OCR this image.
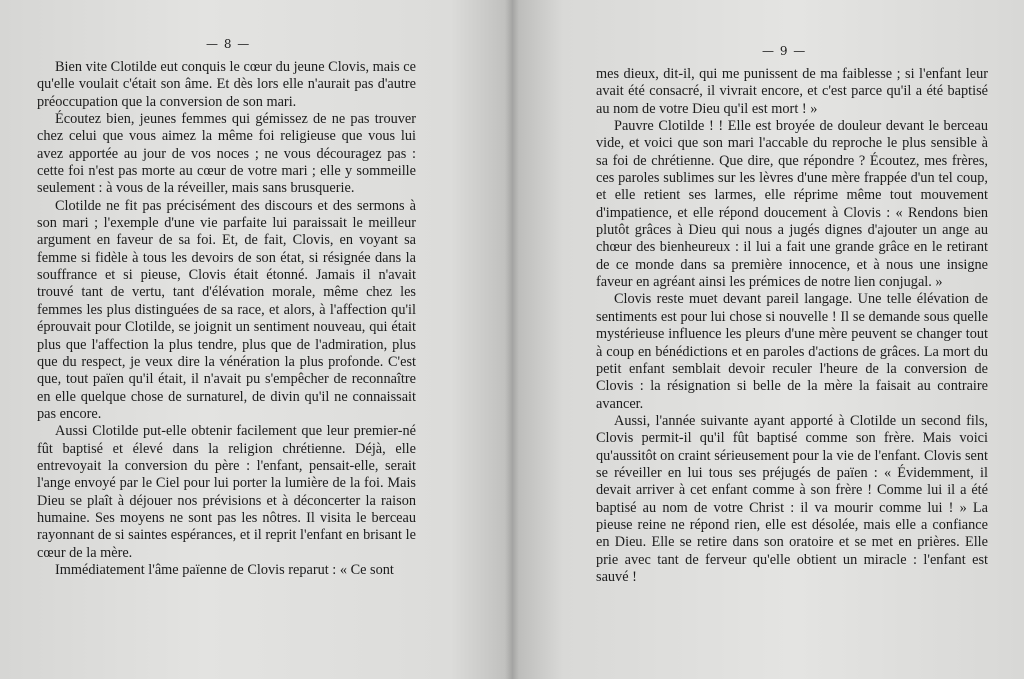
— 8 —

Bien vite Clotilde eut conquis le cœur du jeune Clovis, mais ce qu'elle voulait c'était son âme. Et dès lors elle n'aurait pas d'autre préoccupation que la conversion de son mari.

Écoutez bien, jeunes femmes qui gémissez de ne pas trouver chez celui que vous aimez la même foi religieuse que vous lui avez apportée au jour de vos noces ; ne vous découragez pas : cette foi n'est pas morte au cœur de votre mari ; elle y sommeille seulement : à vous de la réveiller, mais sans brusquerie.

Clotilde ne fit pas précisément des discours et des sermons à son mari ; l'exemple d'une vie parfaite lui paraissait le meilleur argument en faveur de sa foi. Et, de fait, Clovis, en voyant sa femme si fidèle à tous les devoirs de son état, si résignée dans la souffrance et si pieuse, Clovis était étonné. Jamais il n'avait trouvé tant de vertu, tant d'élévation morale, même chez les femmes les plus distinguées de sa race, et alors, à l'affection qu'il éprouvait pour Clotilde, se joignit un sentiment nouveau, qui était plus que l'affection la plus tendre, plus que de l'admiration, plus que du respect, je veux dire la vénération la plus profonde. C'est que, tout païen qu'il était, il n'avait pu s'empêcher de reconnaître en elle quelque chose de surnaturel, de divin qu'il ne connaissait pas encore.

Aussi Clotilde put-elle obtenir facilement que leur premier-né fût baptisé et élevé dans la religion chrétienne. Déjà, elle entrevoyait la conversion du père : l'enfant, pensait-elle, serait l'ange envoyé par le Ciel pour lui porter la lumière de la foi. Mais Dieu se plaît à déjouer nos prévisions et à déconcerter la raison humaine. Ses moyens ne sont pas les nôtres. Il visita le berceau rayonnant de si saintes espérances, et il reprit l'enfant en brisant le cœur de la mère.

Immédiatement l'âme païenne de Clovis reparut : « Ce sont

— 9 —

mes dieux, dit-il, qui me punissent de ma faiblesse ; si l'enfant leur avait été consacré, il vivrait encore, et c'est parce qu'il a été baptisé au nom de votre Dieu qu'il est mort ! »

Pauvre Clotilde ! ! Elle est broyée de douleur devant le berceau vide, et voici que son mari l'accable du reproche le plus sensible à sa foi de chrétienne. Que dire, que répondre ? Écoutez, mes frères, ces paroles sublimes sur les lèvres d'une mère frappée d'un tel coup, et elle retient ses larmes, elle réprime même tout mouvement d'impatience, et elle répond doucement à Clovis : « Rendons bien plutôt grâces à Dieu qui nous a jugés dignes d'ajouter un ange au chœur des bienheureux : il lui a fait une grande grâce en le retirant de ce monde dans sa première innocence, et à nous une insigne faveur en agréant ainsi les prémices de notre lien conjugal. »

Clovis reste muet devant pareil langage. Une telle élévation de sentiments est pour lui chose si nouvelle ! Il se demande sous quelle mystérieuse influence les pleurs d'une mère peuvent se changer tout à coup en bénédictions et en paroles d'actions de grâces. La mort du petit enfant semblait devoir reculer l'heure de la conversion de Clovis : la résignation si belle de la mère la faisait au contraire avancer.

Aussi, l'année suivante ayant apporté à Clotilde un second fils, Clovis permit-il qu'il fût baptisé comme son frère. Mais voici qu'aussitôt on craint sérieusement pour la vie de l'enfant. Clovis sent se réveiller en lui tous ses préjugés de païen : « Évidemment, il devait arriver à cet enfant comme à son frère ! Comme lui il a été baptisé au nom de votre Christ : il va mourir comme lui ! » La pieuse reine ne répond rien, elle est désolée, mais elle a confiance en Dieu. Elle se retire dans son oratoire et se met en prières. Elle prie avec tant de ferveur qu'elle obtient un miracle : l'enfant est sauvé !
